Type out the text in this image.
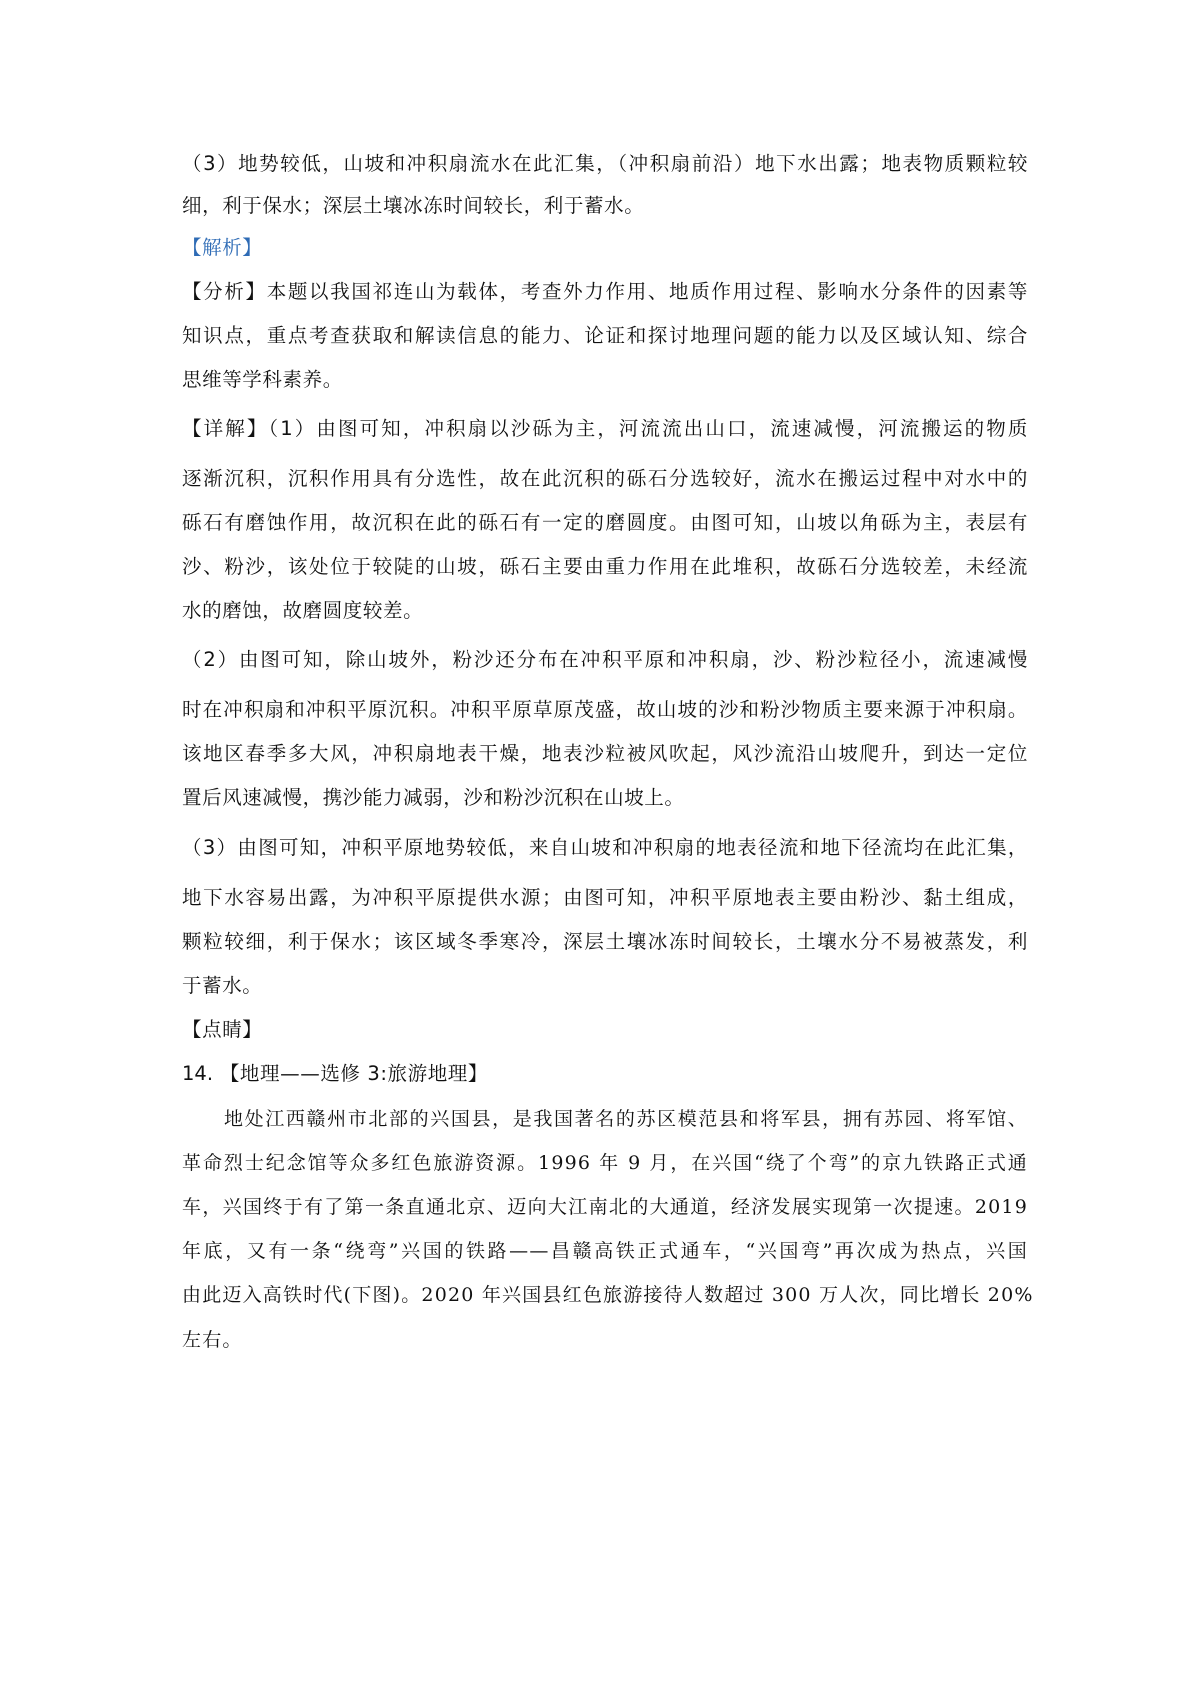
（3）地势较低，山坡和冲积扇流水在此汇集，（冲积扇前沿）地下水出露；地表物质颗粒较
细，利于保水；深层土壤冰冻时间较长，利于蓄水。
【解析】
【分析】本题以我国祁连山为载体，考查外力作用、地质作用过程、影响水分条件的因素等
知识点，重点考查获取和解读信息的能力、论证和探讨地理问题的能力以及区域认知、综合
思维等学科素养。
【详解】（1）由图可知，冲积扇以沙砾为主，河流流出山口，流速减慢，河流搬运的物质
逐渐沉积，沉积作用具有分选性，故在此沉积的砾石分选较好，流水在搬运过程中对水中的
砾石有磨蚀作用，故沉积在此的砾石有一定的磨圆度。由图可知，山坡以角砾为主，表层有
沙、粉沙，该处位于较陡的山坡，砾石主要由重力作用在此堆积，故砾石分选较差，未经流
水的磨蚀，故磨圆度较差。
（2）由图可知，除山坡外，粉沙还分布在冲积平原和冲积扇，沙、粉沙粒径小，流速减慢
时在冲积扇和冲积平原沉积。冲积平原草原茂盛，故山坡的沙和粉沙物质主要来源于冲积扇。
该地区春季多大风，冲积扇地表干燥，地表沙粒被风吹起，风沙流沿山坡爬升，到达一定位
置后风速减慢，携沙能力减弱，沙和粉沙沉积在山坡上。
（3）由图可知，冲积平原地势较低，来自山坡和冲积扇的地表径流和地下径流均在此汇集，
地下水容易出露，为冲积平原提供水源；由图可知，冲积平原地表主要由粉沙、黏土组成，
颗粒较细，利于保水；该区域冬季寒冷，深层土壤冰冻时间较长，土壤水分不易被蒸发，利
于蓄水。
【点睛】
14. 【地理——选修 3:旅游地理】
地处江西赣州市北部的兴国县，是我国著名的苏区模范县和将军县，拥有苏园、将军馆、
革命烈士纪念馆等众多红色旅游资源。1996 年 9 月，在兴国“绕了个弯”的京九铁路正式通
车，兴国终于有了第一条直通北京、迈向大江南北的大通道，经济发展实现第一次提速。2019
年底，又有一条“绕弯”兴国的铁路——昌赣高铁正式通车，“兴国弯”再次成为热点，兴国
由此迈入高铁时代(下图)。2020 年兴国县红色旅游接待人数超过 300 万人次，同比增长 20%
左右。
